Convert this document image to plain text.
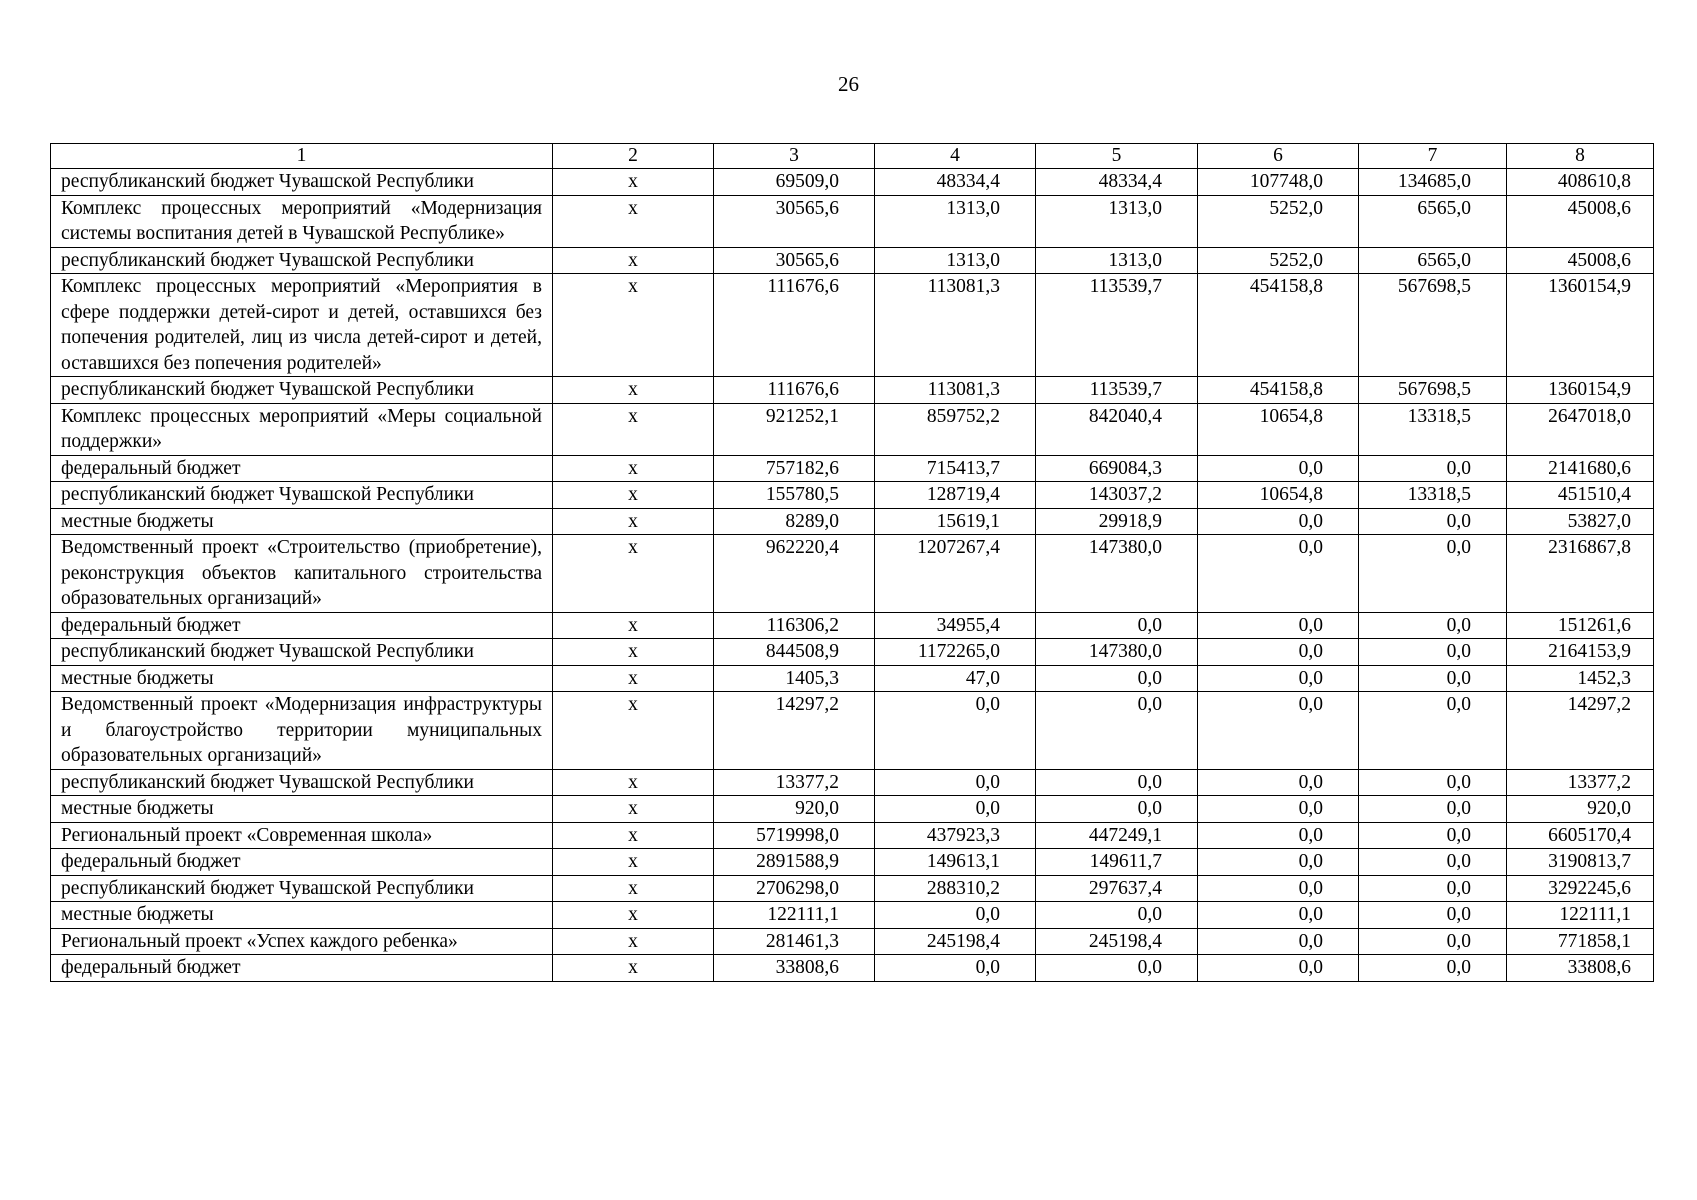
26
1	2	3	4	5	6	7	8
республиканский бюджет Чувашской Республики	х	69509,0	48334,4	48334,4	107748,0	134685,0	408610,8
Комплекс процессных мероприятий «Модернизация системы воспитания детей в Чувашской Республике»	х	30565,6	1313,0	1313,0	5252,0	6565,0	45008,6
республиканский бюджет Чувашской Республики	х	30565,6	1313,0	1313,0	5252,0	6565,0	45008,6
Комплекс процессных мероприятий «Мероприятия в сфере поддержки детей-сирот и детей, оставшихся без попечения родителей, лиц из числа детей-сирот и детей, оставшихся без попечения родителей»	х	111676,6	113081,3	113539,7	454158,8	567698,5	1360154,9
республиканский бюджет Чувашской Республики	х	111676,6	113081,3	113539,7	454158,8	567698,5	1360154,9
Комплекс процессных мероприятий «Меры социальной поддержки»	х	921252,1	859752,2	842040,4	10654,8	13318,5	2647018,0
федеральный бюджет	х	757182,6	715413,7	669084,3	0,0	0,0	2141680,6
республиканский бюджет Чувашской Республики	х	155780,5	128719,4	143037,2	10654,8	13318,5	451510,4
местные бюджеты	х	8289,0	15619,1	29918,9	0,0	0,0	53827,0
Ведомственный проект «Строительство (приобретение), реконструкция объектов капитального строительства образовательных организаций»	х	962220,4	1207267,4	147380,0	0,0	0,0	2316867,8
федеральный бюджет	х	116306,2	34955,4	0,0	0,0	0,0	151261,6
республиканский бюджет Чувашской Республики	х	844508,9	1172265,0	147380,0	0,0	0,0	2164153,9
местные бюджеты	х	1405,3	47,0	0,0	0,0	0,0	1452,3
Ведомственный проект «Модернизация инфраструктуры и благоустройство территории муниципальных образовательных организаций»	х	14297,2	0,0	0,0	0,0	0,0	14297,2
республиканский бюджет Чувашской Республики	х	13377,2	0,0	0,0	0,0	0,0	13377,2
местные бюджеты	х	920,0	0,0	0,0	0,0	0,0	920,0
Региональный проект «Современная школа»	х	5719998,0	437923,3	447249,1	0,0	0,0	6605170,4
федеральный бюджет	х	2891588,9	149613,1	149611,7	0,0	0,0	3190813,7
республиканский бюджет Чувашской Республики	х	2706298,0	288310,2	297637,4	0,0	0,0	3292245,6
местные бюджеты	х	122111,1	0,0	0,0	0,0	0,0	122111,1
Региональный проект «Успех каждого ребенка»	х	281461,3	245198,4	245198,4	0,0	0,0	771858,1
федеральный бюджет	х	33808,6	0,0	0,0	0,0	0,0	33808,6
